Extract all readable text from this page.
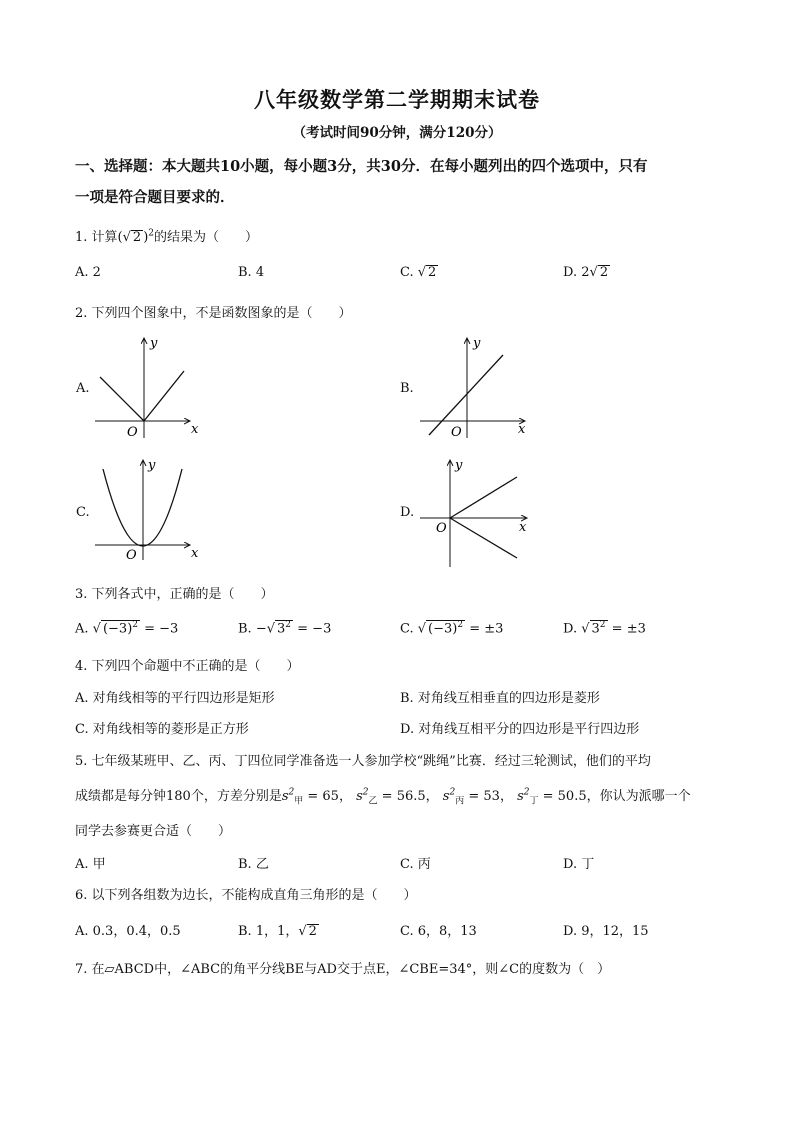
八年级数学第二学期期末试卷
（考试时间90分钟，满分120分）
一、选择题：本大题共10小题，每小题3分，共30分．在每小题列出的四个选项中，只有
一项是符合题目要求的．
1. 计算(√ 2 )$^2$的结果为（　　）
A. 2	B. 4	C. √ 2	D. 2√ 2
2. 下列四个图象中，不是函数图象的是（　　）
A.	B.
C.	D.
x
y
O	x
y
O
x
y
O
x
y
O
3. 下列各式中，正确的是（　　）
A. √ $(-3)^2 = -3$	B. −√ $3^2 = -3$	C. √ $(-3)^2 = \pm 3$	D. √ $3^2 = \pm 3$
4. 下列四个命题中不正确的是（　　）
A. 对角线相等的平行四边形是矩形	B. 对角线互相垂直的四边形是菱形
C. 对角线相等的菱形是正方形	D. 对角线互相平分的四边形是平行四边形
5. 七年级某班甲、乙、丙、丁四位同学准备选一人参加学校“跳绳”比赛．经过三轮测试，他们的平均
成绩都是每分钟180个，方差分别是$s^2_甲 = 65$， $s^2_乙 = 56.5$， $s^2_丙 = 53$， $s^2_丁 = 50.5$，你认为派哪一个
同学去参赛更合适（　　）
A. 甲	B. 乙	C. 丙	D. 丁
6. 以下列各组数为边长，不能构成直角三角形的是（　　）
A. 0.3，0.4，0.5	B. 1，1，√ 2	C. 6，8，13	D. 9，12，15
7. 在▱ABCD中，∠ABC的角平分线BE与AD交于点E，∠CBE=34°，则∠C的度数为（　）
